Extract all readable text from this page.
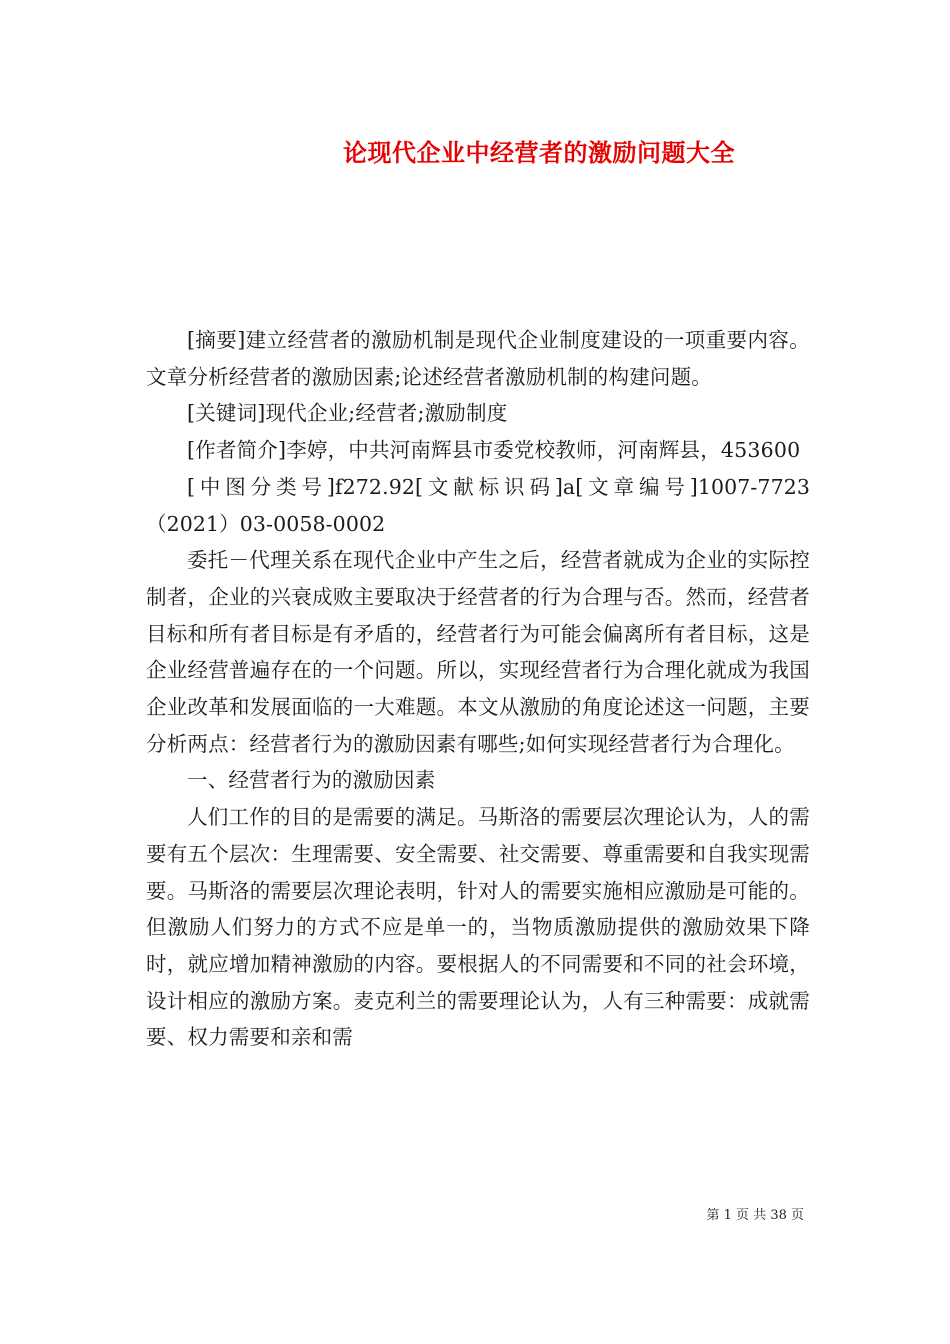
论现代企业中经营者的激励问题大全

[摘要]建立经营者的激励机制是现代企业制度建设的一项重要内容。文章分析经营者的激励因素;论述经营者激励机制的构建问题。

[关键词]现代企业;经营者;激励制度

[作者简介]李婷，中共河南辉县市委党校教师，河南辉县，453600

[中图分类号]f272.92[文献标识码]a[文章编号]1007-7723（2021）03-0058-0002

委托－代理关系在现代企业中产生之后，经营者就成为企业的实际控制者，企业的兴衰成败主要取决于经营者的行为合理与否。然而，经营者目标和所有者目标是有矛盾的，经营者行为可能会偏离所有者目标，这是企业经营普遍存在的一个问题。所以，实现经营者行为合理化就成为我国企业改革和发展面临的一大难题。本文从激励的角度论述这一问题，主要分析两点：经营者行为的激励因素有哪些;如何实现经营者行为合理化。

一、经营者行为的激励因素

人们工作的目的是需要的满足。马斯洛的需要层次理论认为，人的需要有五个层次：生理需要、安全需要、社交需要、尊重需要和自我实现需要。马斯洛的需要层次理论表明，针对人的需要实施相应激励是可能的。但激励人们努力的方式不应是单一的，当物质激励提供的激励效果下降时，就应增加精神激励的内容。要根据人的不同需要和不同的社会环境，设计相应的激励方案。麦克利兰的需要理论认为，人有三种需要：成就需要、权力需要和亲和需

第 1 页 共 38 页
